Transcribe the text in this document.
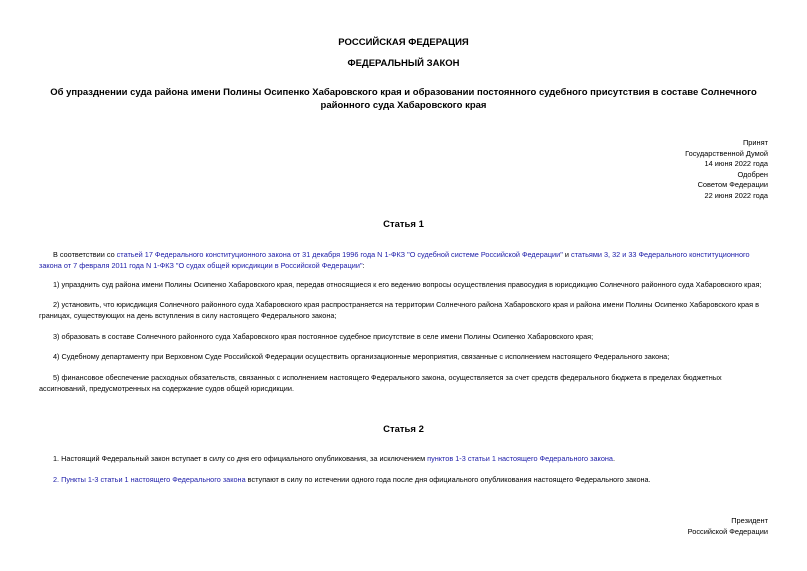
РОССИЙСКАЯ ФЕДЕРАЦИЯ
ФЕДЕРАЛЬНЫЙ ЗАКОН
Об упразднении суда района имени Полины Осипенко Хабаровского края и образовании постоянного судебного присутствия в составе Солнечного районного суда Хабаровского края
Принят
Государственной Думой
14 июня 2022 года
Одобрен
Советом Федерации
22 июня 2022 года
Статья 1
В соответствии со статьей 17 Федерального конституционного закона от 31 декабря 1996 года N 1-ФКЗ "О судебной системе Российской Федерации" и статьями 3, 32 и 33 Федерального конституционного закона от 7 февраля 2011 года N 1-ФКЗ "О судах общей юрисдикции в Российской Федерации":
1) упразднить суд района имени Полины Осипенко Хабаровского края, передав относящиеся к его ведению вопросы осуществления правосудия в юрисдикцию Солнечного районного суда Хабаровского края;
2) установить, что юрисдикция Солнечного районного суда Хабаровского края распространяется на территории Солнечного района Хабаровского края и района имени Полины Осипенко Хабаровского края в границах, существующих на день вступления в силу настоящего Федерального закона;
3) образовать в составе Солнечного районного суда Хабаровского края постоянное судебное присутствие в селе имени Полины Осипенко Хабаровского края;
4) Судебному департаменту при Верховном Суде Российской Федерации осуществить организационные мероприятия, связанные с исполнением настоящего Федерального закона;
5) финансовое обеспечение расходных обязательств, связанных с исполнением настоящего Федерального закона, осуществляется за счет средств федерального бюджета в пределах бюджетных ассигнований, предусмотренных на содержание судов общей юрисдикции.
Статья 2
1. Настоящий Федеральный закон вступает в силу со дня его официального опубликования, за исключением пунктов 1-3 статьи 1 настоящего Федерального закона.
2. Пункты 1-3 статьи 1 настоящего Федерального закона вступают в силу по истечении одного года после дня официального опубликования настоящего Федерального закона.
Президент
Российской Федерации
